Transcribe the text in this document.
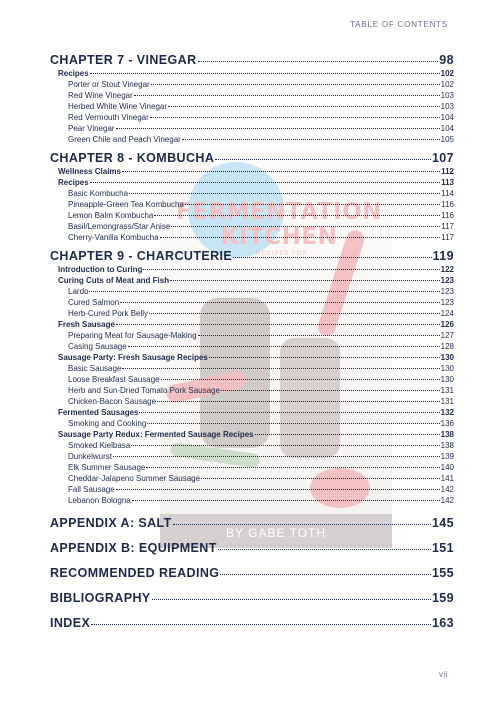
TABLE OF CONTENTS
FERMENTATION
KITCHEN
RECIPES FOR
BY GABE TOTH
CHAPTER 7 - VINEGAR	98
Recipes	102
Porter or Stout Vinegar	102
Red Wine Vinegar	103
Herbed White Wine Vinegar	103
Red Vermouth Vinegar	104
Pear Vinegar	104
Green Chile and Peach Vinegar	105
CHAPTER 8 - KOMBUCHA	107
Wellness Claims	112
Recipes	113
Basic Kombucha	114
Pineapple-Green Tea Kombucha	116
Lemon Balm Kombucha	116
Basil/Lemongrass/Star Anise	117
Cherry-Vanilla Kombucha	117
CHAPTER 9 - CHARCUTERIE	119
Introduction to Curing	122
Curing Cuts of Meat and Fish	123
Lardo	123
Cured Salmon	123
Herb-Cured Pork Belly	124
Fresh Sausage	126
Preparing Meat for Sausage-Making	127
Casing Sausage	128
Sausage Party: Fresh Sausage Recipes	130
Basic Sausage	130
Loose Breakfast Sausage	130
Herb and Sun-Dried Tomato Pork Sausage	131
Chicken-Bacon Sausage	131
Fermented Sausages	132
Smoking and Cooking	136
Sausage Party Redux: Fermented Sausage Recipes	138
Smoked Kielbasa	138
Dunkelwurst	139
Elk Summer Sausage	140
Cheddar-Jalapeno Summer Sausage	141
Fall Sausage	142
Lebanon Bologna	142
APPENDIX A: SALT	145
APPENDIX B: EQUIPMENT	151
RECOMMENDED READING	155
BIBLIOGRAPHY	159
INDEX	163
vii
